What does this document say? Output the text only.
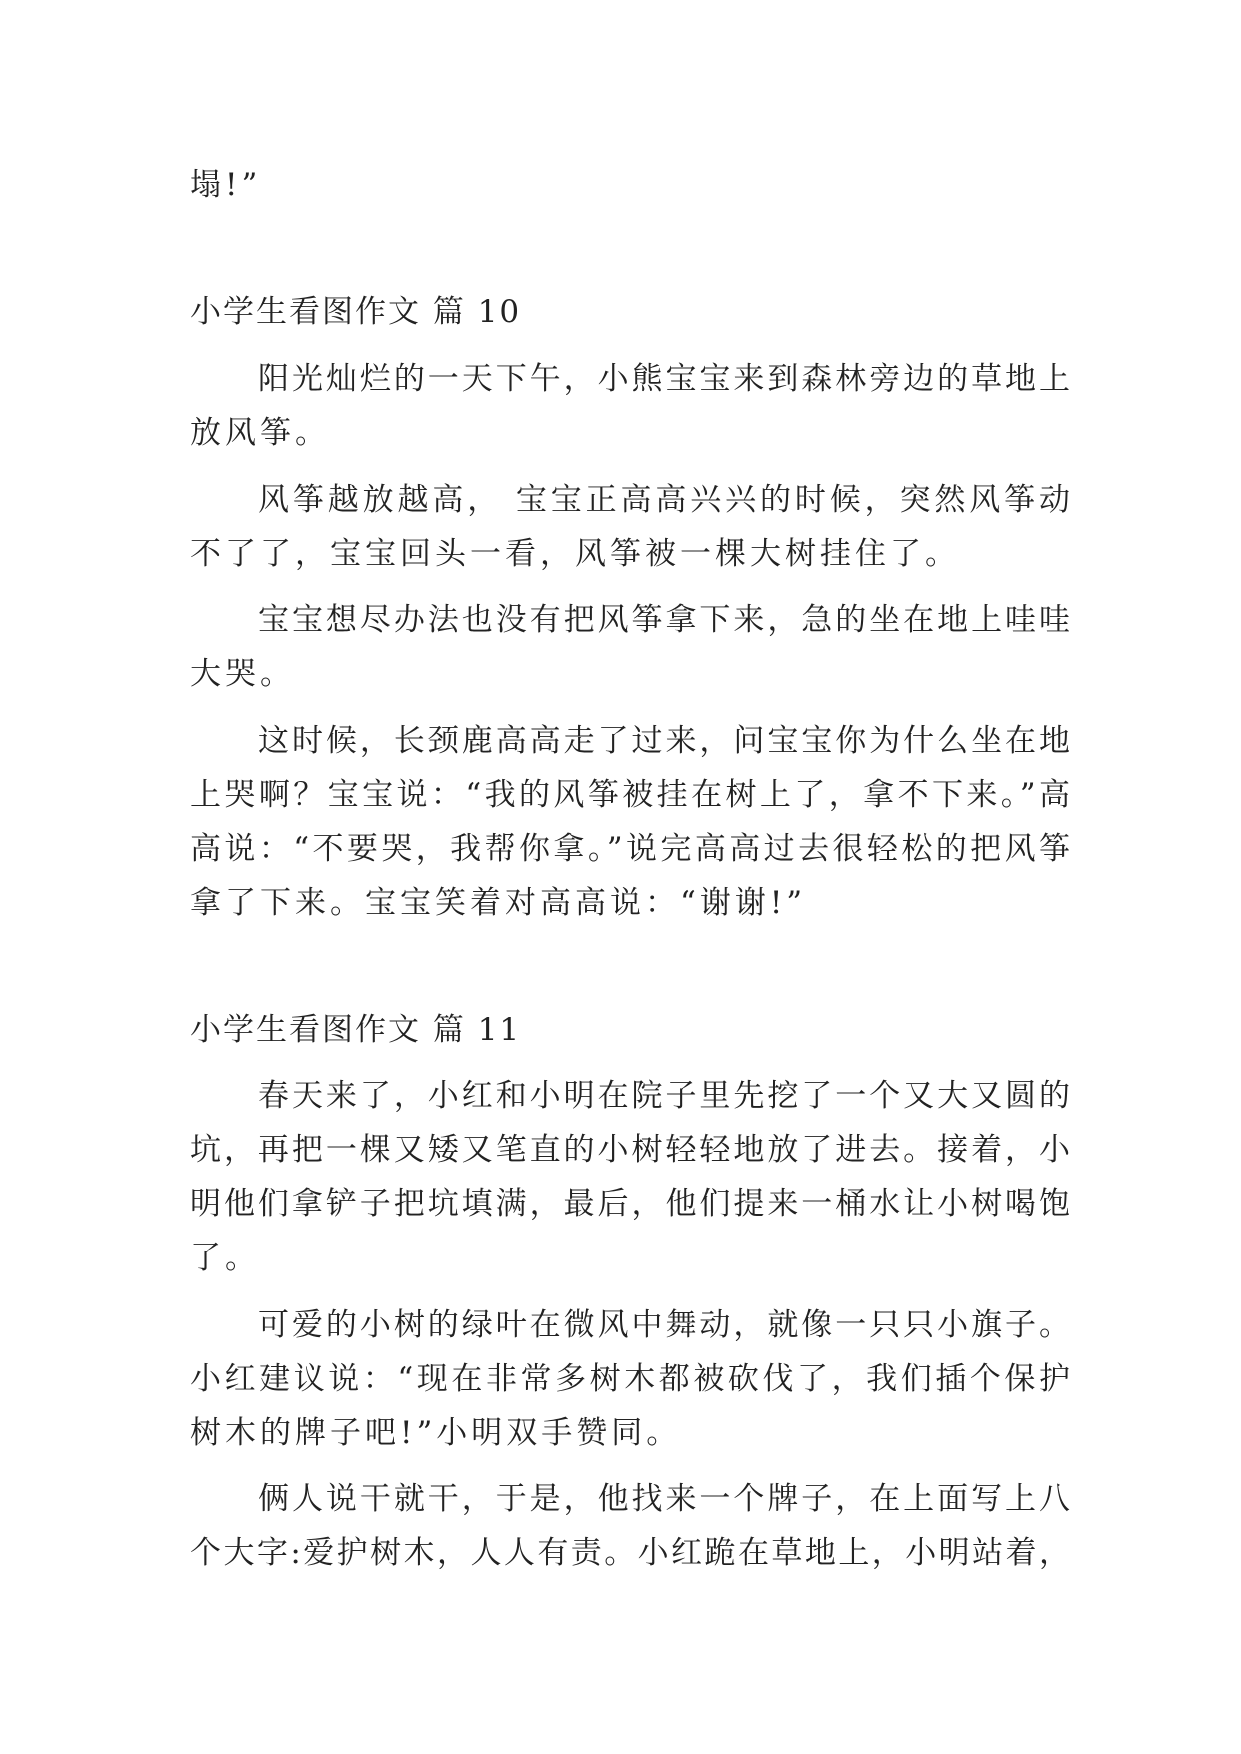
塌!”
小学生看图作文 篇 10
阳光灿烂的一天下午，小熊宝宝来到森林旁边的草地上
放风筝。
风筝越放越高， 宝宝正高高兴兴的时候，突然风筝动
不了了，宝宝回头一看，风筝被一棵大树挂住了。
宝宝想尽办法也没有把风筝拿下来，急的坐在地上哇哇
大哭。
这时候，长颈鹿高高走了过来，问宝宝你为什么坐在地
上哭啊？宝宝说：“我的风筝被挂在树上了，拿不下来。”高
高说：“不要哭，我帮你拿。”说完高高过去很轻松的把风筝
拿了下来。宝宝笑着对高高说：“谢谢!”
小学生看图作文 篇 11
春天来了，小红和小明在院子里先挖了一个又大又圆的
坑，再把一棵又矮又笔直的小树轻轻地放了进去。接着，小
明他们拿铲子把坑填满，最后，他们提来一桶水让小树喝饱
了。
可爱的小树的绿叶在微风中舞动，就像一只只小旗子。
小红建议说：“现在非常多树木都被砍伐了，我们插个保护
树木的牌子吧!”小明双手赞同。
俩人说干就干，于是，他找来一个牌子，在上面写上八
个大字:爱护树木，人人有责。小红跪在草地上，小明站着，
